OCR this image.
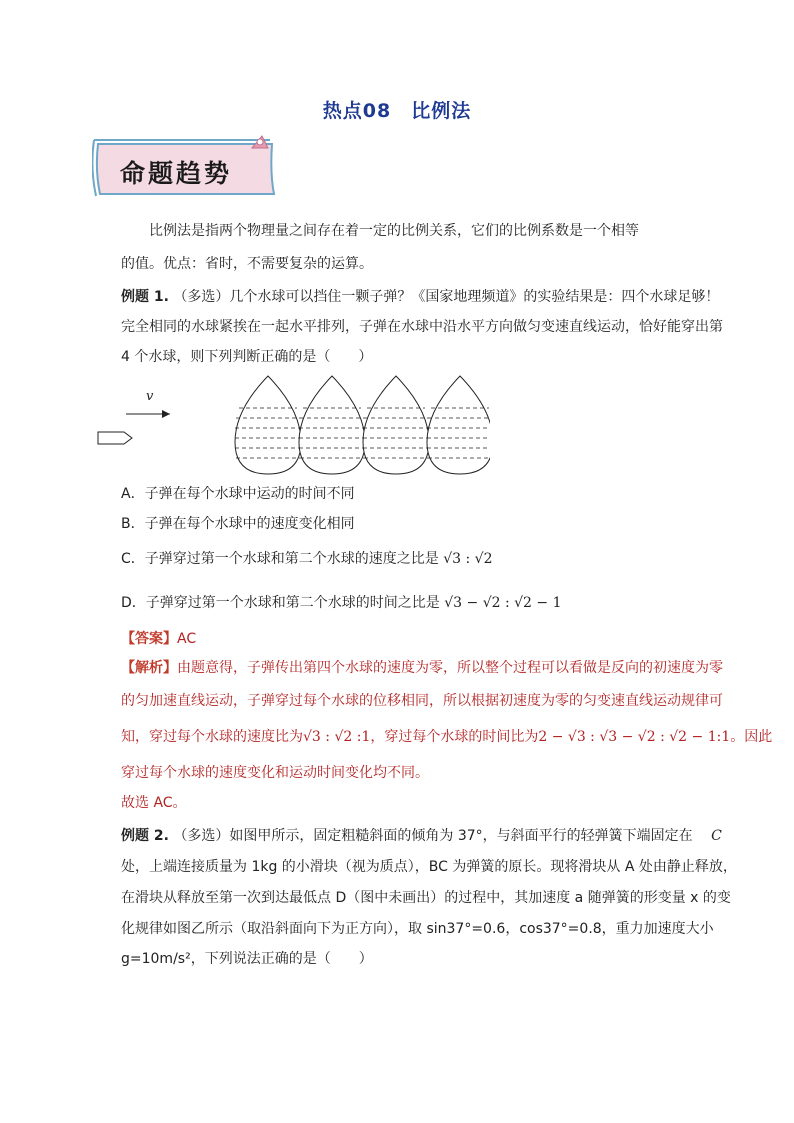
热点08　比例法
命题趋势
比例法是指两个物理量之间存在着一定的比例关系，它们的比例系数是一个相等
的值。优点：省时，不需要复杂的运算。
例题 1. （多选）几个水球可以挡住一颗子弹？《国家地理频道》的实验结果是：四个水球足够！
完全相同的水球紧挨在一起水平排列，子弹在水球中沿水平方向做匀变速直线运动，恰好能穿出第
4 个水球，则下列判断正确的是（　　）
v
A．子弹在每个水球中运动的时间不同
B．子弹在每个水球中的速度变化相同
C．子弹穿过第一个水球和第二个水球的速度之比是 √3 : √2
D．子弹穿过第一个水球和第二个水球的时间之比是 √3 − √2 : √2 − 1
【答案】AC
【解析】由题意得，子弹传出第四个水球的速度为零，所以整个过程可以看做是反向的初速度为零
的匀加速直线运动，子弹穿过每个水球的位移相同，所以根据初速度为零的匀变速直线运动规律可
知，穿过每个水球的速度比为√3 : √2 :1，穿过每个水球的时间比为2 − √3 : √3 − √2 : √2 − 1:1。因此
穿过每个水球的速度变化和运动时间变化均不同。
故选 AC。
例题 2. （多选）如图甲所示，固定粗糙斜面的倾角为 37°，与斜面平行的轻弹簧下端固定在 C
处，上端连接质量为 1kg 的小滑块（视为质点），BC 为弹簧的原长。现将滑块从 A 处由静止释放，
在滑块从释放至第一次到达最低点 D（图中未画出）的过程中，其加速度 a 随弹簧的形变量 x 的变
化规律如图乙所示（取沿斜面向下为正方向），取 sin37°=0.6，cos37°=0.8，重力加速度大小
g=10m/s²，下列说法正确的是（　　）
